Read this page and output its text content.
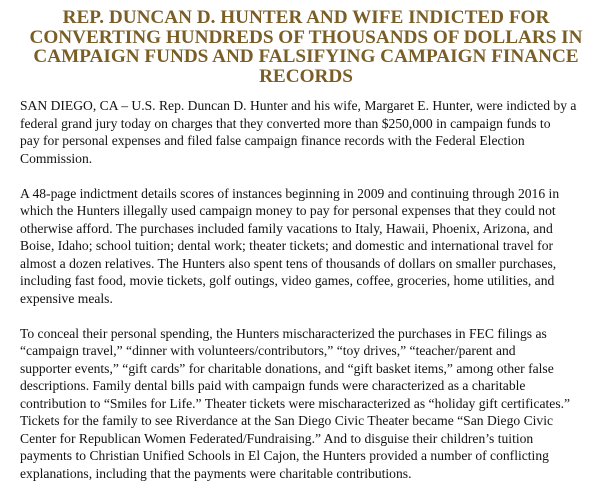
REP. DUNCAN D. HUNTER AND WIFE INDICTED FOR
CONVERTING HUNDREDS OF THOUSANDS OF DOLLARS IN
CAMPAIGN FUNDS AND FALSIFYING CAMPAIGN FINANCE
RECORDS

SAN DIEGO, CA – U.S. Rep. Duncan D. Hunter and his wife, Margaret E. Hunter, were indicted by a
federal grand jury today on charges that they converted more than $250,000 in campaign funds to
pay for personal expenses and filed false campaign finance records with the Federal Election
Commission.

A 48-page indictment details scores of instances beginning in 2009 and continuing through 2016 in
which the Hunters illegally used campaign money to pay for personal expenses that they could not
otherwise afford. The purchases included family vacations to Italy, Hawaii, Phoenix, Arizona, and
Boise, Idaho; school tuition; dental work; theater tickets; and domestic and international travel for
almost a dozen relatives. The Hunters also spent tens of thousands of dollars on smaller purchases,
including fast food, movie tickets, golf outings, video games, coffee, groceries, home utilities, and
expensive meals.

To conceal their personal spending, the Hunters mischaracterized the purchases in FEC filings as
“campaign travel,” “dinner with volunteers/contributors,” “toy drives,” “teacher/parent and
supporter events,” “gift cards” for charitable donations, and “gift basket items,” among other false
descriptions. Family dental bills paid with campaign funds were characterized as a charitable
contribution to “Smiles for Life.” Theater tickets were mischaracterized as “holiday gift certificates.”
Tickets for the family to see Riverdance at the San Diego Civic Theater became “San Diego Civic
Center for Republican Women Federated/Fundraising.” And to disguise their children’s tuition
payments to Christian Unified Schools in El Cajon, the Hunters provided a number of conflicting
explanations, including that the payments were charitable contributions.
